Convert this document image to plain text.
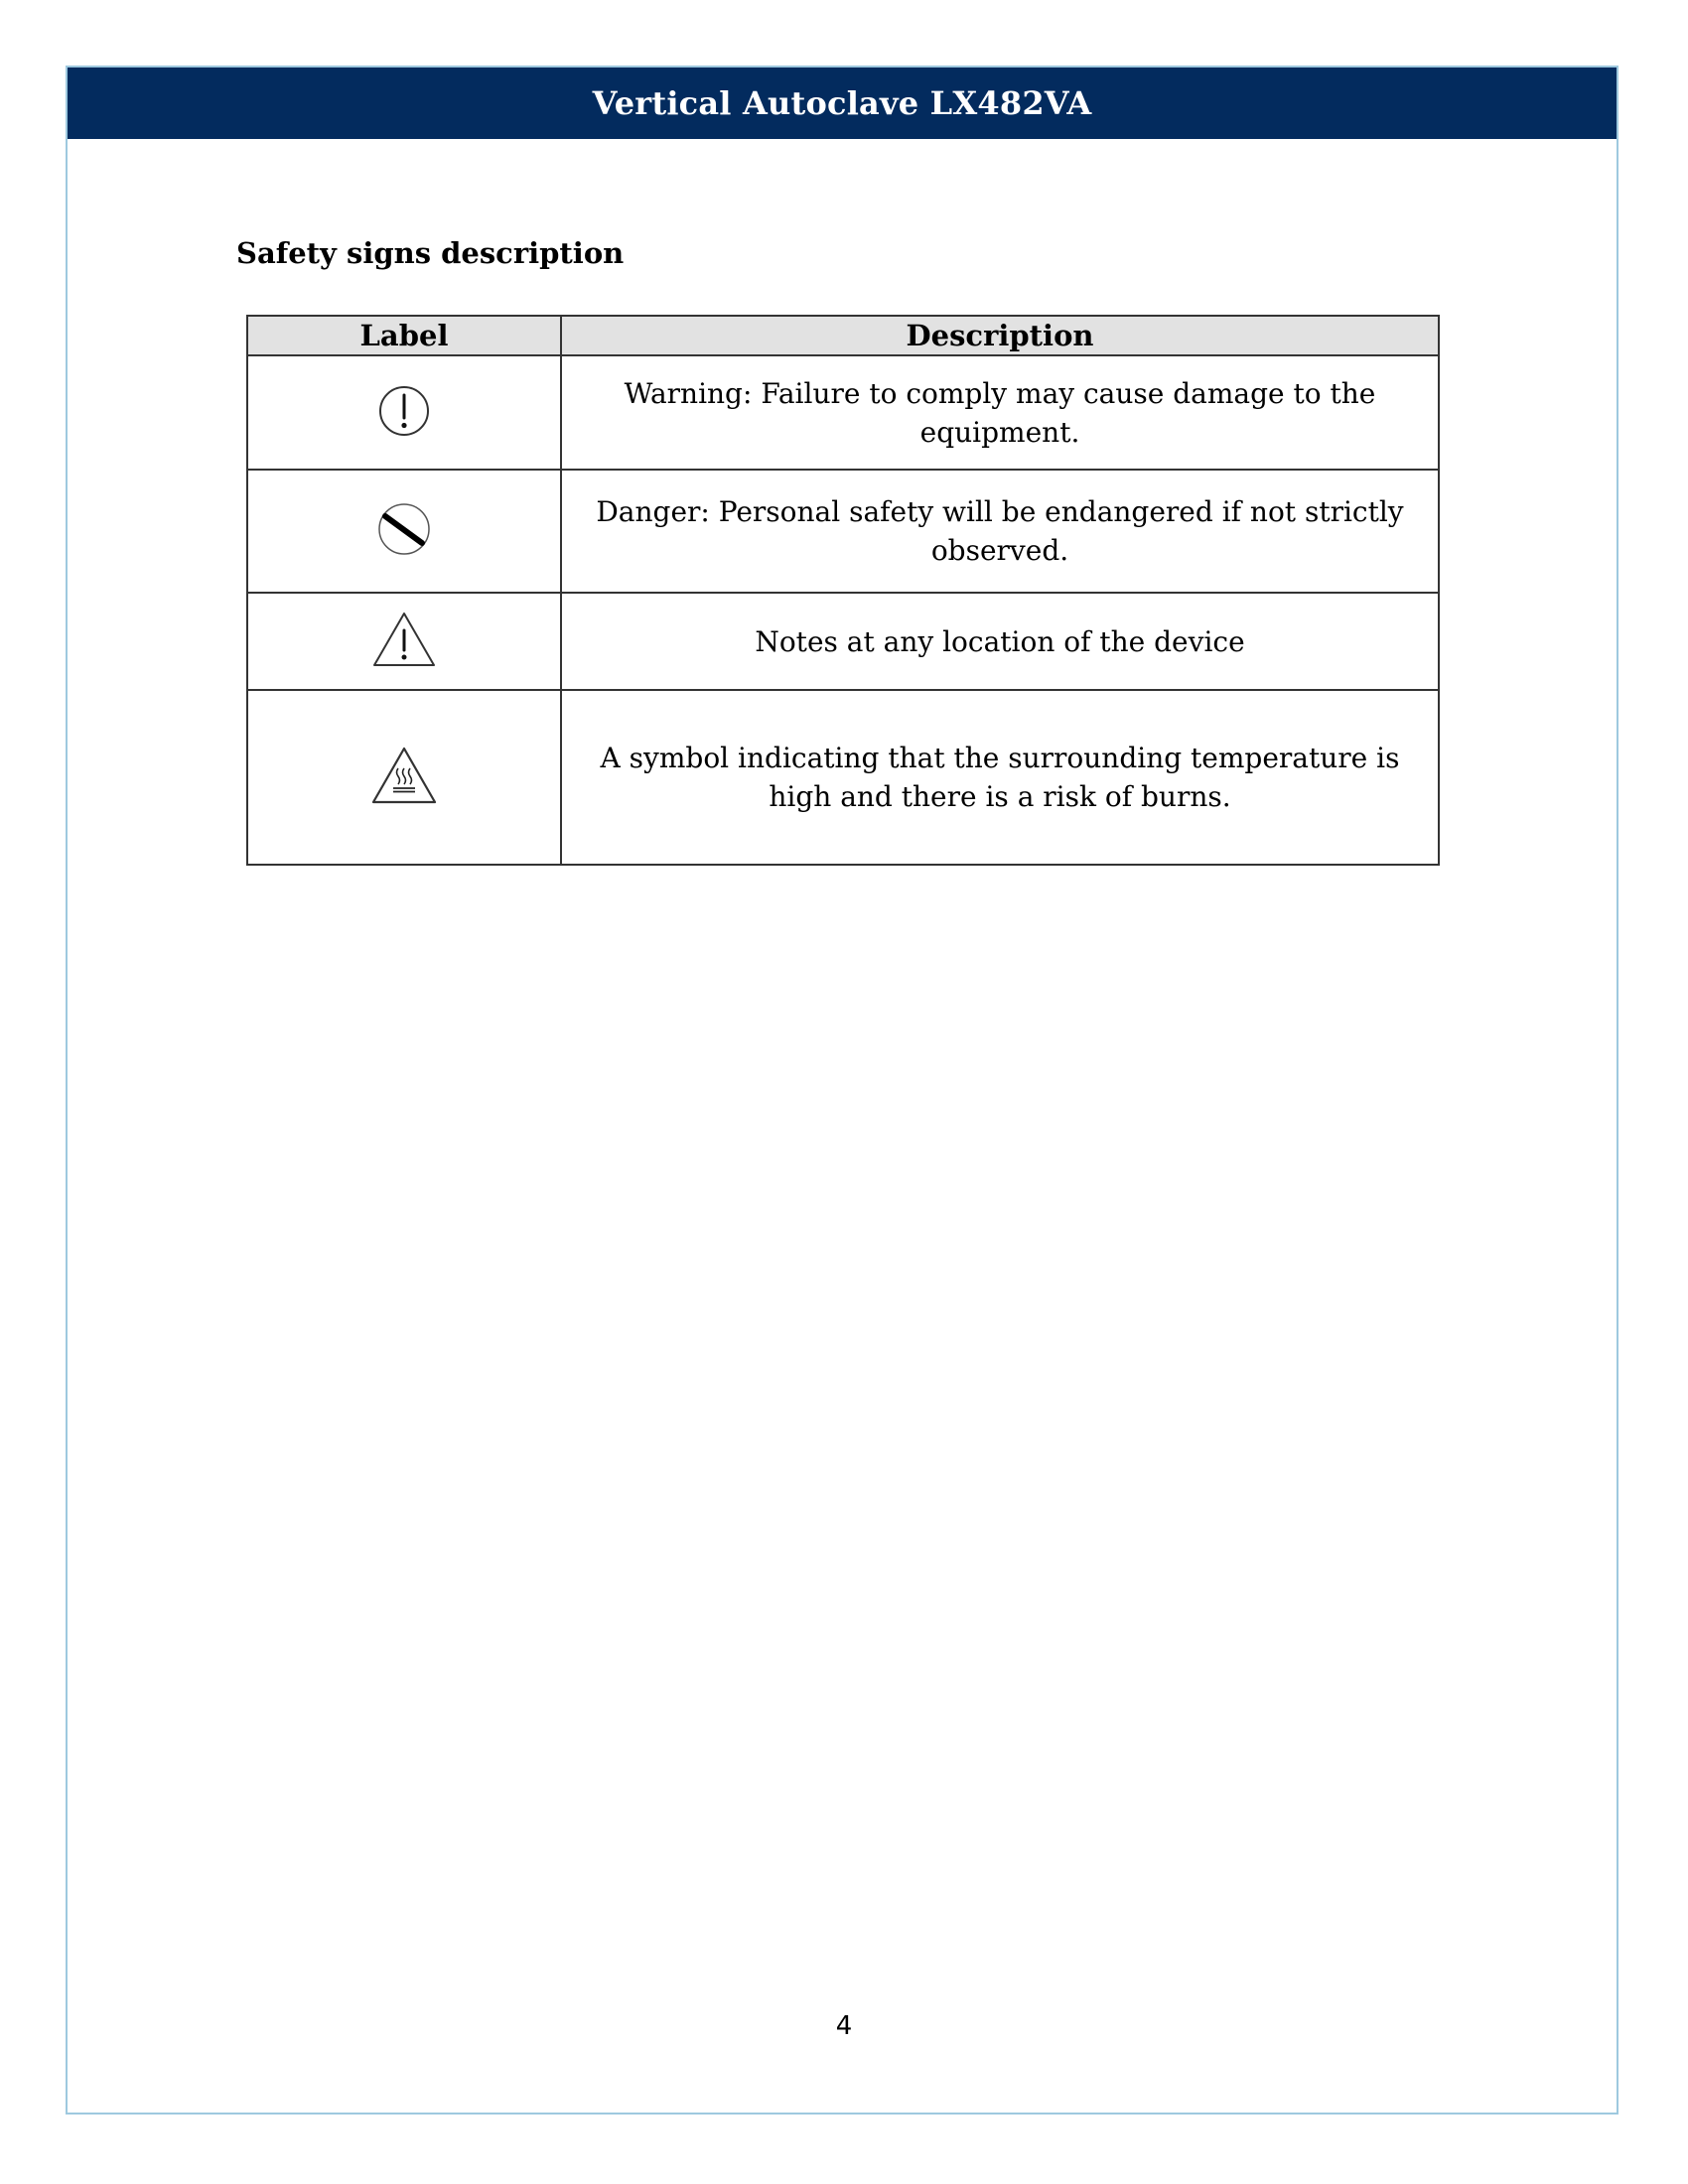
Vertical Autoclave LX482VA
Safety signs description
Label	Description
	Warning: Failure to comply may cause damage to the equipment.
	Danger: Personal safety will be endangered if not strictly observed.
	Notes at any location of the device
	A symbol indicating that the surrounding temperature is high and there is a risk of burns.
4
